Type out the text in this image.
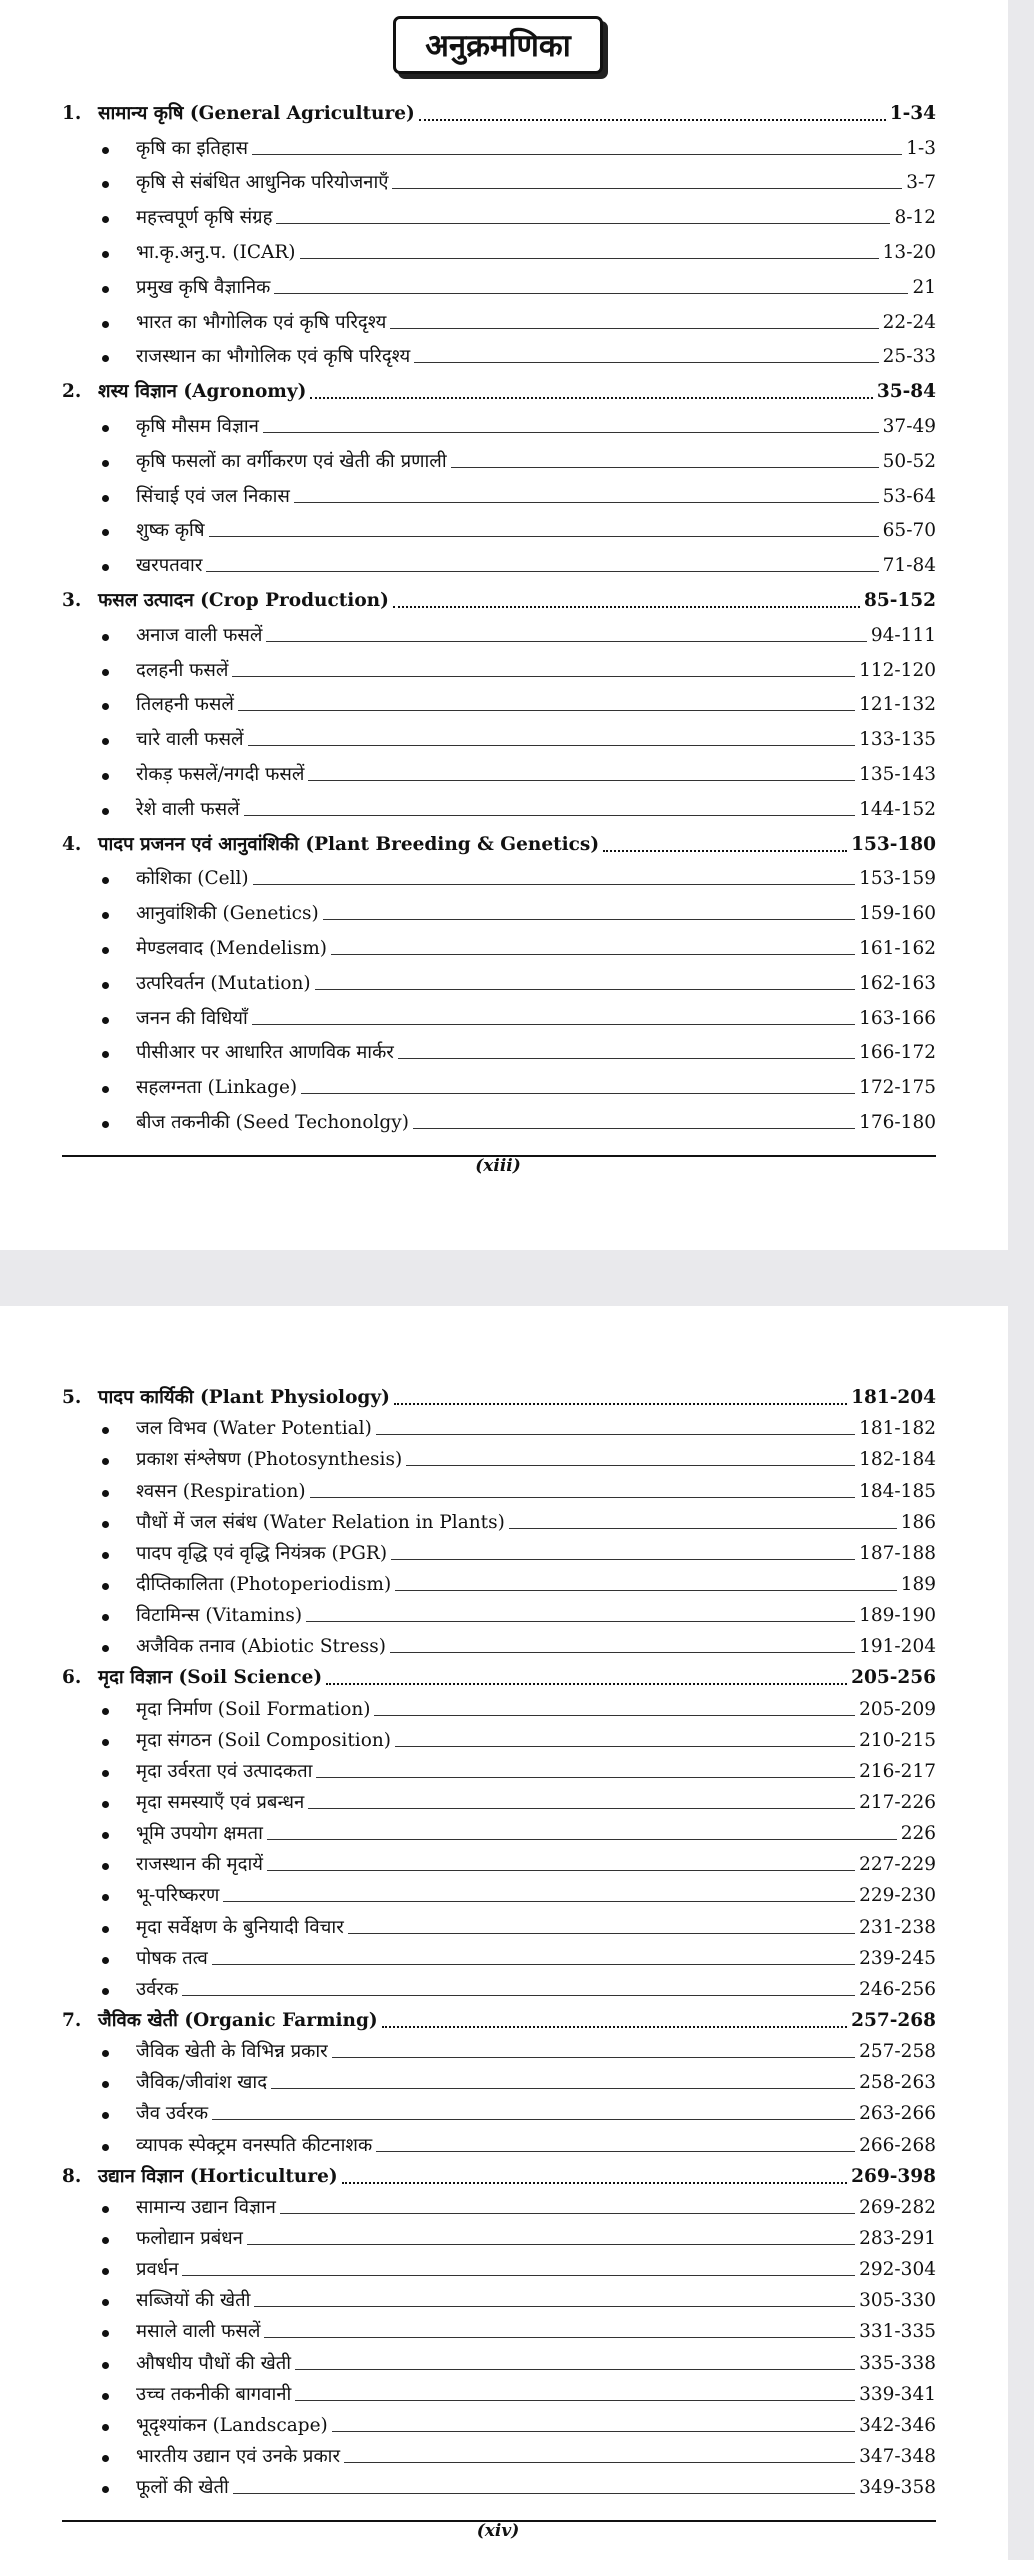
अनुक्रमणिका
1. सामान्य कृषि (General Agriculture)	1-34
कृषि का इतिहास	1-3
कृषि से संबंधित आधुनिक परियोजनाएँ	3-7
महत्त्वपूर्ण कृषि संग्रह	8-12
भा.कृ.अनु.प. (ICAR)	13-20
प्रमुख कृषि वैज्ञानिक	21
भारत का भौगोलिक एवं कृषि परिदृश्य	22-24
राजस्थान का भौगोलिक एवं कृषि परिदृश्य	25-33
2. शस्य विज्ञान (Agronomy)	35-84
कृषि मौसम विज्ञान	37-49
कृषि फसलों का वर्गीकरण एवं खेती की प्रणाली	50-52
सिंचाई एवं जल निकास	53-64
शुष्क कृषि	65-70
खरपतवार	71-84
3. फसल उत्पादन (Crop Production)	85-152
अनाज वाली फसलें	94-111
दलहनी फसलें	112-120
तिलहनी फसलें	121-132
चारे वाली फसलें	133-135
रोकड़ फसलें/नगदी फसलें	135-143
रेशे वाली फसलें	144-152
4. पादप प्रजनन एवं आनुवांशिकी (Plant Breeding & Genetics)	153-180
कोशिका (Cell)	153-159
आनुवांशिकी (Genetics)	159-160
मेण्डलवाद (Mendelism)	161-162
उत्परिवर्तन (Mutation)	162-163
जनन की विधियाँ	163-166
पीसीआर पर आधारित आणविक मार्कर	166-172
सहलग्नता (Linkage)	172-175
बीज तकनीकी (Seed Techonolgy)	176-180
(xiii)
5. पादप कार्यिकी (Plant Physiology)	181-204
जल विभव (Water Potential)	181-182
प्रकाश संश्लेषण (Photosynthesis)	182-184
श्वसन (Respiration)	184-185
पौधों में जल संबंध (Water Relation in Plants)	186
पादप वृद्धि एवं वृद्धि नियंत्रक (PGR)	187-188
दीप्तिकालिता (Photoperiodism)	189
विटामिन्स (Vitamins)	189-190
अजैविक तनाव (Abiotic Stress)	191-204
6. मृदा विज्ञान (Soil Science)	205-256
मृदा निर्माण (Soil Formation)	205-209
मृदा संगठन (Soil Composition)	210-215
मृदा उर्वरता एवं उत्पादकता	216-217
मृदा समस्याएँ एवं प्रबन्धन	217-226
भूमि उपयोग क्षमता	226
राजस्थान की मृदायें	227-229
भू-परिष्करण	229-230
मृदा सर्वेक्षण के बुनियादी विचार	231-238
पोषक तत्व	239-245
उर्वरक	246-256
7. जैविक खेती (Organic Farming)	257-268
जैविक खेती के विभिन्न प्रकार	257-258
जैविक/जीवांश खाद	258-263
जैव उर्वरक	263-266
व्यापक स्पेक्ट्रम वनस्पति कीटनाशक	266-268
8. उद्यान विज्ञान (Horticulture)	269-398
सामान्य उद्यान विज्ञान	269-282
फलोद्यान प्रबंधन	283-291
प्रवर्धन	292-304
सब्जियों की खेती	305-330
मसाले वाली फसलें	331-335
औषधीय पौधों की खेती	335-338
उच्च तकनीकी बागवानी	339-341
भूदृश्यांकन (Landscape)	342-346
भारतीय उद्यान एवं उनके प्रकार	347-348
फूलों की खेती	349-358
(xiv)
